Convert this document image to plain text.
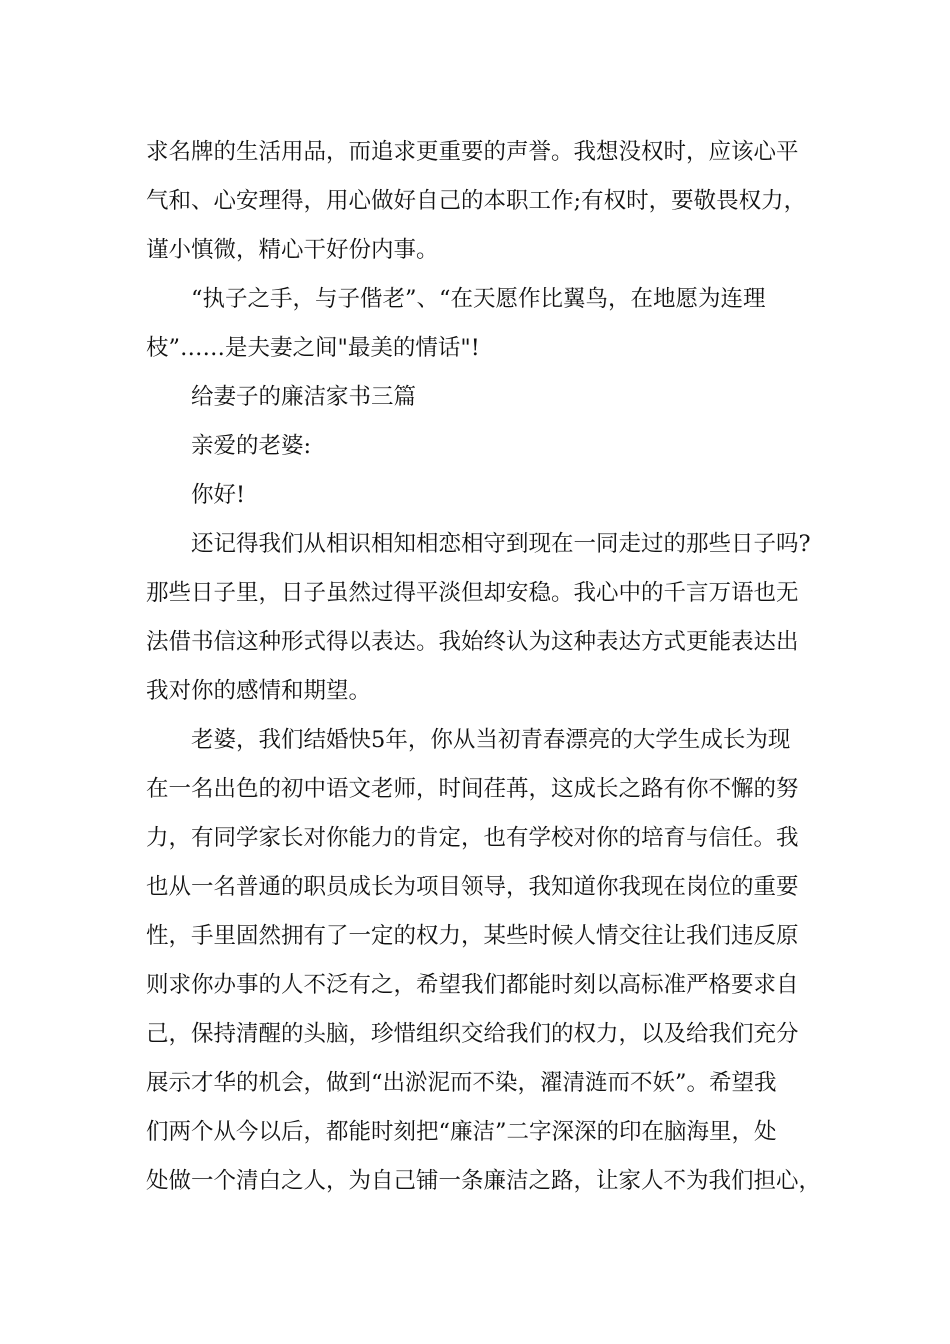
求名牌的生活用品，而追求更重要的声誉。我想没权时，应该心平
气和、心安理得，用心做好自己的本职工作;有权时，要敬畏权力，
谨小慎微，精心干好份内事。
“执子之手，与子偕老”、“在天愿作比翼鸟，在地愿为连理
枝”……是夫妻之间"最美的情话"!
给妻子的廉洁家书三篇
亲爱的老婆:
你好!
还记得我们从相识相知相恋相守到现在一同走过的那些日子吗?
那些日子里，日子虽然过得平淡但却安稳。我心中的千言万语也无
法借书信这种形式得以表达。我始终认为这种表达方式更能表达出
我对你的感情和期望。
老婆，我们结婚快5年，你从当初青春漂亮的大学生成长为现
在一名出色的初中语文老师，时间荏苒，这成长之路有你不懈的努
力，有同学家长对你能力的肯定，也有学校对你的培育与信任。我
也从一名普通的职员成长为项目领导，我知道你我现在岗位的重要
性，手里固然拥有了一定的权力，某些时候人情交往让我们违反原
则求你办事的人不泛有之，希望我们都能时刻以高标准严格要求自
己，保持清醒的头脑，珍惜组织交给我们的权力，以及给我们充分
展示才华的机会，做到“出淤泥而不染，濯清涟而不妖”。希望我
们两个从今以后，都能时刻把“廉洁”二字深深的印在脑海里，处
处做一个清白之人，为自己铺一条廉洁之路，让家人不为我们担心，
